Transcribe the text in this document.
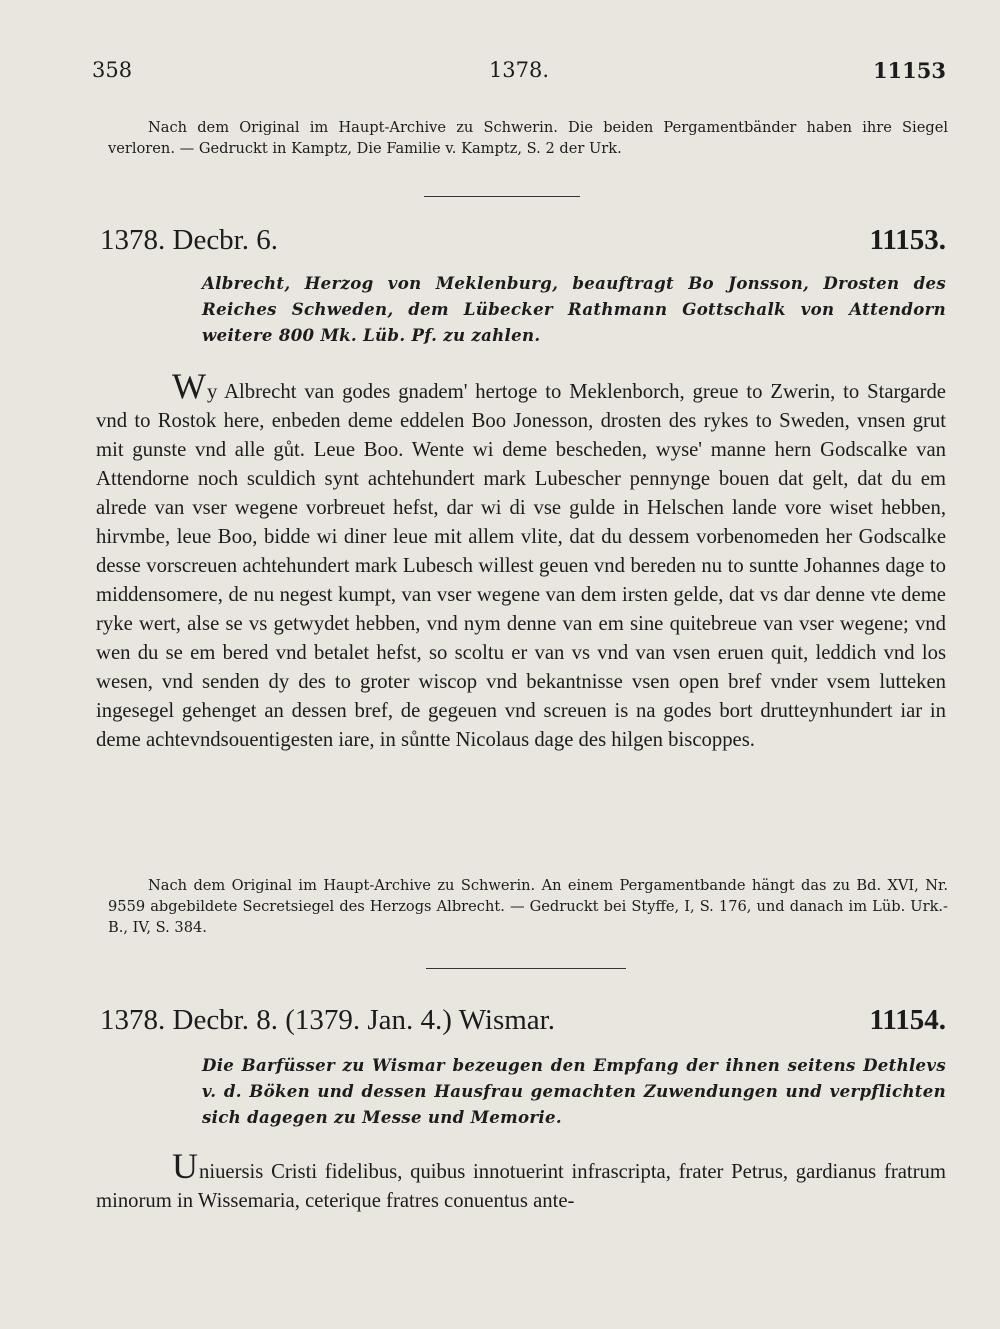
358	1378.	11153
Nach dem Original im Haupt-Archive zu Schwerin. Die beiden Pergamentbänder haben ihre Siegel verloren. — Gedruckt in Kamptz, Die Familie v. Kamptz, S. 2 der Urk.
1378. Decbr. 6.	11153.
Albrecht, Herzog von Meklenburg, beauftragt Bo Jonsson, Drosten des Reiches Schweden, dem Lübecker Rathmann Gottschalk von Attendorn weitere 800 Mk. Lüb. Pf. zu zahlen.
Wy Albrecht van godes gnadem' hertoge to Meklenborch, greue to Zwerin, to Stargarde vnd to Rostok here, enbeden deme eddelen Boo Jonesson, drosten des rykes to Sweden, vnsen grut mit gunste vnd alle gůt. Leue Boo. Wente wi deme bescheden, wyse' manne hern Godscalke van Attendorne noch sculdich synt achtehundert mark Lubescher pennynge bouen dat gelt, dat du em alrede van vser wegene vorbreuet hefst, dar wi di vse gulde in Helschen lande vore wiset hebben, hirvmbe, leue Boo, bidde wi diner leue mit allem vlite, dat du dessem vorbenomeden her Godscalke desse vorscreuen achtehundert mark Lubesch willest geuen vnd bereden nu to suntte Johannes dage to middensomere, de nu negest kumpt, van vser wegene van dem irsten gelde, dat vs dar denne vte deme ryke wert, alse se vs getwydet hebben, vnd nym denne van em sine quitebreue van vser wegene; vnd wen du se em bered vnd betalet hefst, so scoltu er van vs vnd van vsen eruen quit, leddich vnd los wesen, vnd senden dy des to groter wiscop vnd bekantnisse vsen open bref vnder vsem lutteken ingesegel gehenget an dessen bref, de gegeuen vnd screuen is na godes bort drutteynhundert iar in deme achtevndsouentigesten iare, in sůntte Nicolaus dage des hilgen biscoppes.
Nach dem Original im Haupt-Archive zu Schwerin. An einem Pergamentbande hängt das zu Bd. XVI, Nr. 9559 abgebildete Secretsiegel des Herzogs Albrecht. — Gedruckt bei Styffe, I, S. 176, und danach im Lüb. Urk.-B., IV, S. 384.
1378. Decbr. 8. (1379. Jan. 4.) Wismar.	11154.
Die Barfüsser zu Wismar bezeugen den Empfang der ihnen seitens Dethlevs v. d. Böken und dessen Hausfrau gemachten Zuwendungen und verpflichten sich dagegen zu Messe und Memorie.
Uniuersis Cristi fidelibus, quibus innotuerint infrascripta, frater Petrus, gardianus fratrum minorum in Wissemaria, ceterique fratres conuentus ante-
